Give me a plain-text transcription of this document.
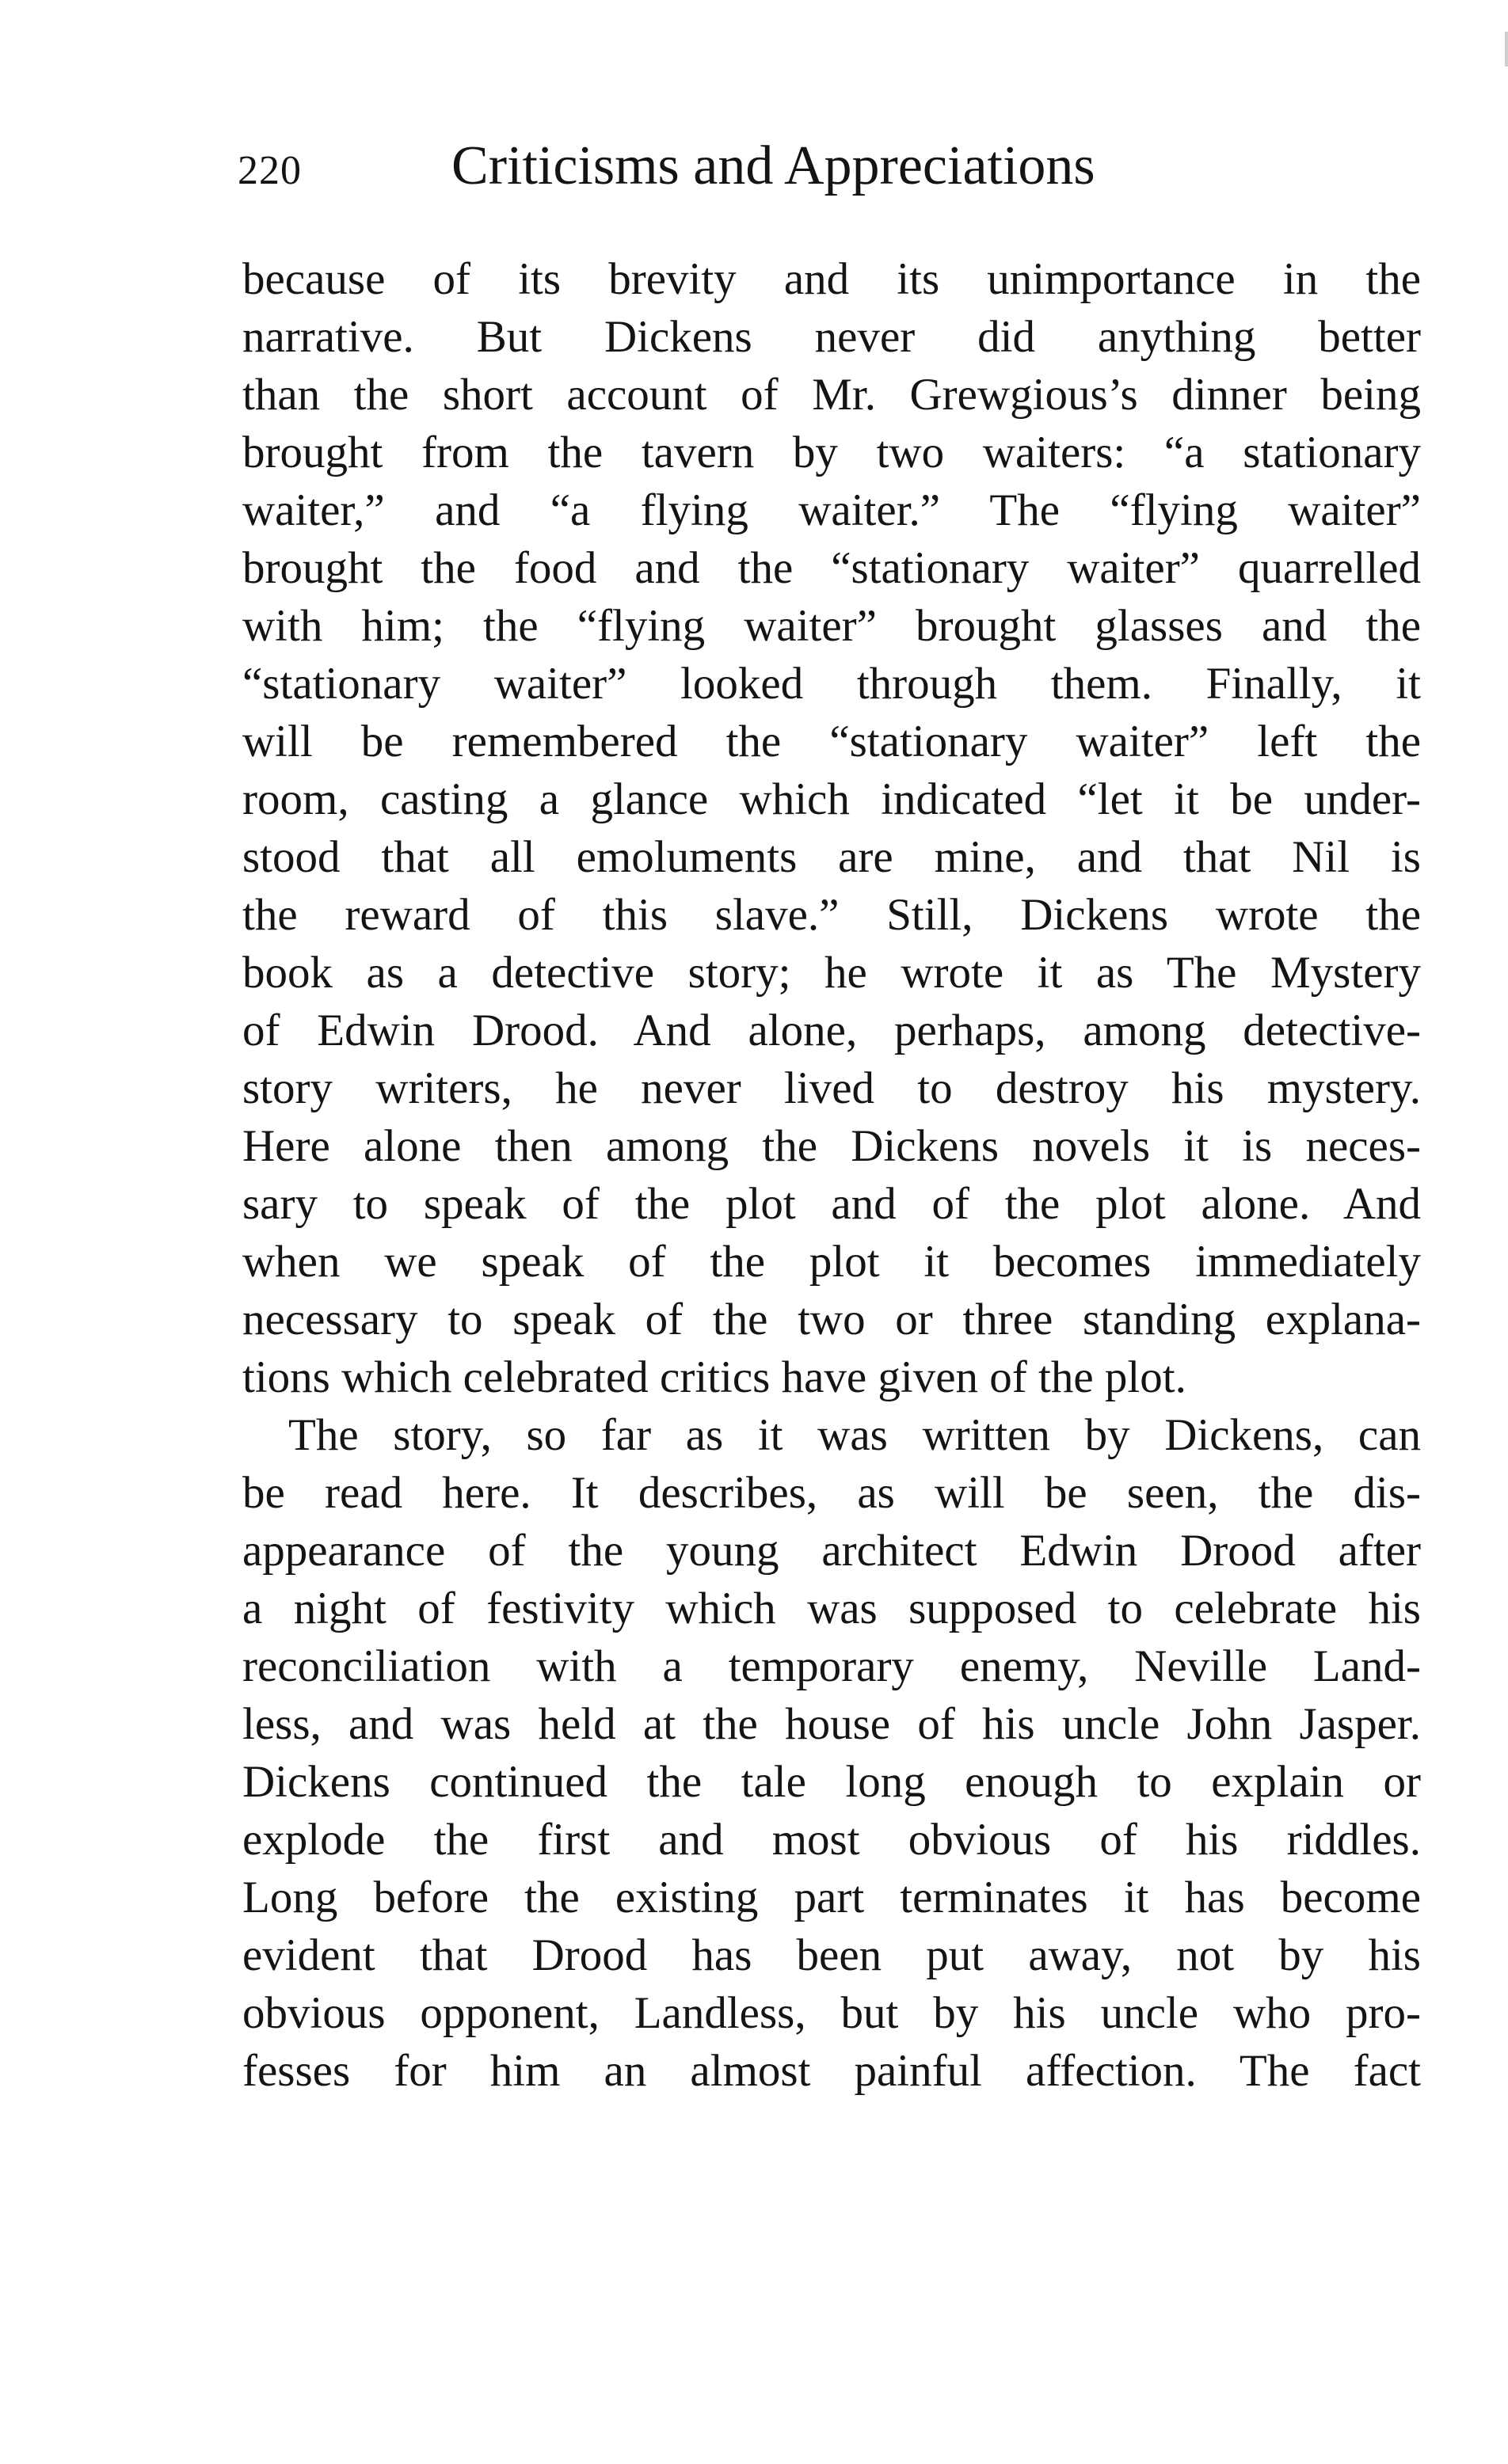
220	Criticisms and Appreciations
because of its brevity and its unimportance in the
narrative. But Dickens never did anything better
than the short account of Mr. Grewgious’s dinner being
brought from the tavern by two waiters: “a stationary
waiter,” and “a flying waiter.” The “flying waiter”
brought the food and the “stationary waiter” quarrelled
with him; the “flying waiter” brought glasses and the
“stationary waiter” looked through them. Finally, it
will be remembered the “stationary waiter” left the
room, casting a glance which indicated “let it be under-
stood that all emoluments are mine, and that Nil is
the reward of this slave.” Still, Dickens wrote the
book as a detective story; he wrote it as The Mystery
of Edwin Drood. And alone, perhaps, among detective-
story writers, he never lived to destroy his mystery.
Here alone then among the Dickens novels it is neces-
sary to speak of the plot and of the plot alone. And
when we speak of the plot it becomes immediately
necessary to speak of the two or three standing explana-
tions which celebrated critics have given of the plot.
The story, so far as it was written by Dickens, can
be read here. It describes, as will be seen, the dis-
appearance of the young architect Edwin Drood after
a night of festivity which was supposed to celebrate his
reconciliation with a temporary enemy, Neville Land-
less, and was held at the house of his uncle John Jasper.
Dickens continued the tale long enough to explain or
explode the first and most obvious of his riddles.
Long before the existing part terminates it has become
evident that Drood has been put away, not by his
obvious opponent, Landless, but by his uncle who pro-
fesses for him an almost painful affection. The fact
